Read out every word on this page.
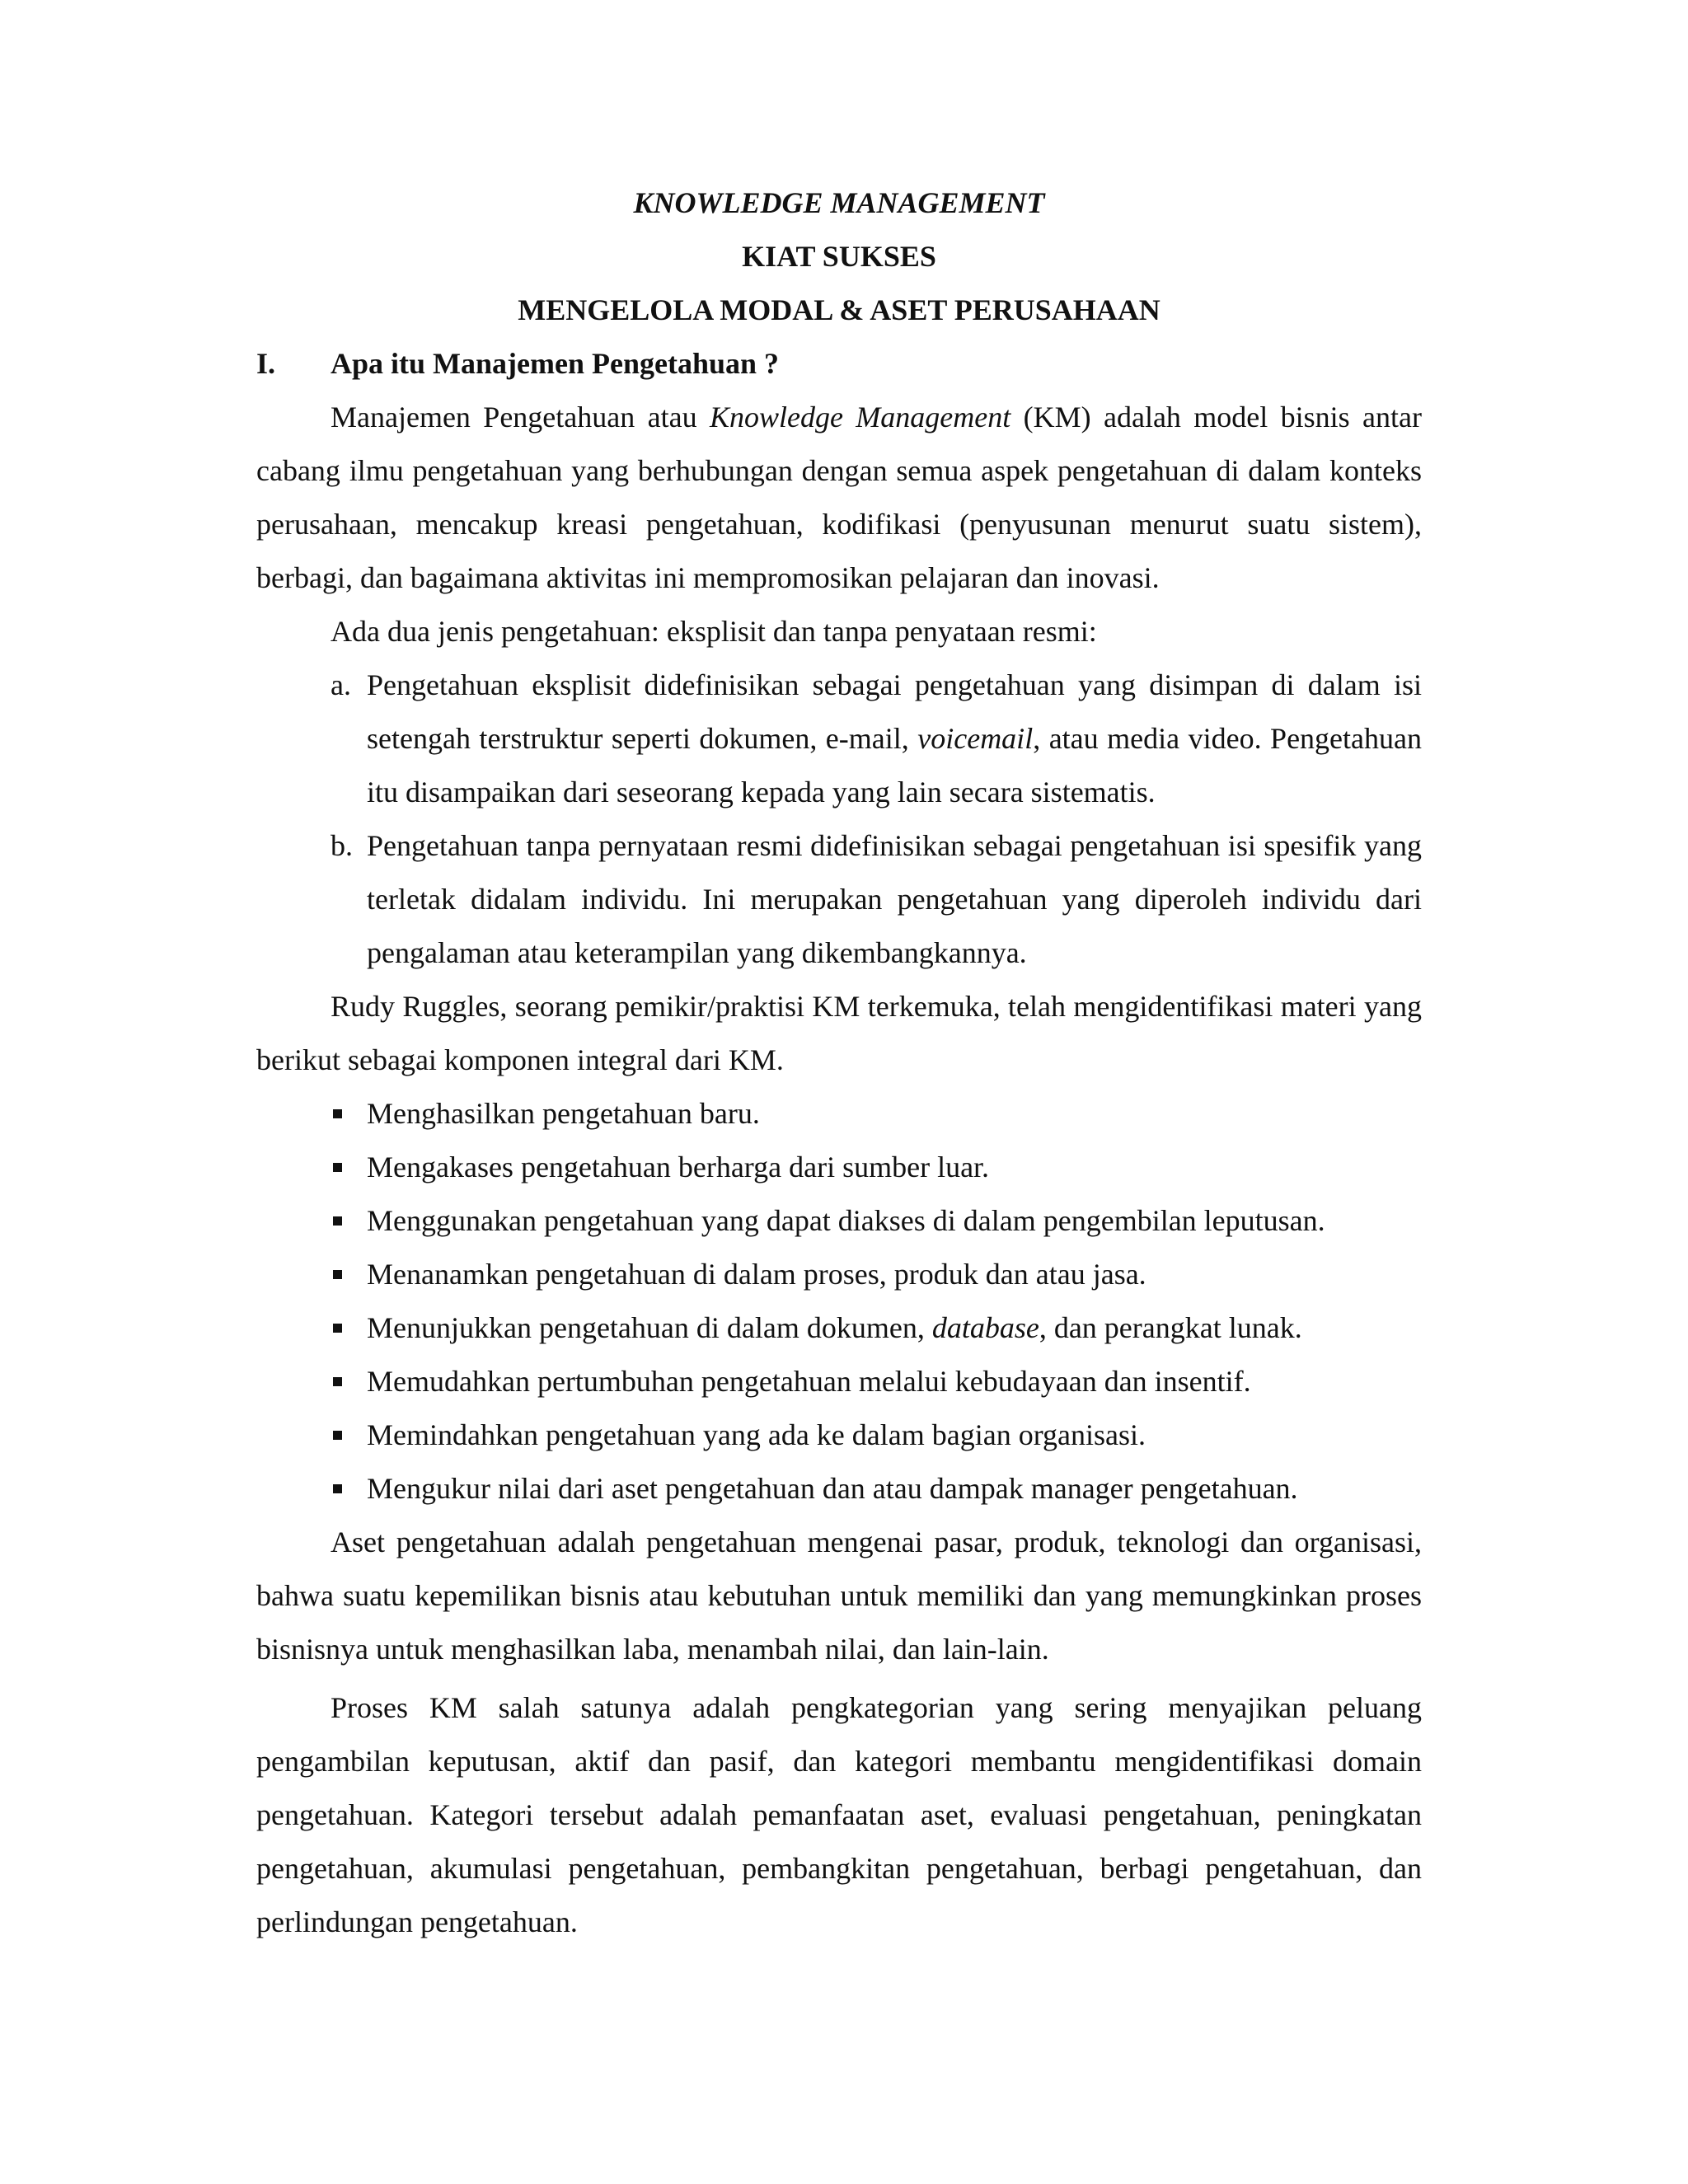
KNOWLEDGE MANAGEMENT

KIAT SUKSES

MENGELOLA MODAL & ASET PERUSAHAAN

I.	Apa itu Manajemen Pengetahuan ?

Manajemen Pengetahuan atau Knowledge Management (KM) adalah model bisnis antar cabang ilmu pengetahuan yang berhubungan dengan semua aspek pengetahuan di dalam konteks perusahaan, mencakup kreasi pengetahuan, kodifikasi (penyusunan menurut suatu sistem), berbagi, dan bagaimana aktivitas ini mempromosikan pelajaran dan inovasi.

Ada dua jenis pengetahuan: eksplisit dan tanpa penyataan resmi:

a. Pengetahuan eksplisit didefinisikan sebagai pengetahuan yang disimpan di dalam isi setengah terstruktur seperti dokumen, e-mail, voicemail, atau media video. Pengetahuan itu disampaikan dari seseorang kepada yang lain secara sistematis.
b. Pengetahuan tanpa pernyataan resmi didefinisikan sebagai pengetahuan isi spesifik yang terletak didalam individu. Ini merupakan pengetahuan yang diperoleh individu dari pengalaman atau keterampilan yang dikembangkannya.

Rudy Ruggles, seorang pemikir/praktisi KM terkemuka, telah mengidentifikasi materi yang berikut sebagai komponen integral dari KM.

Menghasilkan pengetahuan baru.
Mengakases pengetahuan berharga dari sumber luar.
Menggunakan pengetahuan yang dapat diakses di dalam pengembilan leputusan.
Menanamkan pengetahuan di dalam proses, produk dan atau jasa.
Menunjukkan pengetahuan di dalam dokumen, database, dan perangkat lunak.
Memudahkan pertumbuhan pengetahuan melalui kebudayaan dan insentif.
Memindahkan pengetahuan yang ada ke dalam bagian organisasi.
Mengukur nilai dari aset pengetahuan dan atau dampak manager pengetahuan.

Aset pengetahuan adalah pengetahuan mengenai pasar, produk, teknologi dan organisasi, bahwa suatu kepemilikan bisnis atau kebutuhan untuk memiliki dan yang memungkinkan proses bisnisnya untuk menghasilkan laba, menambah nilai, dan lain-lain.

Proses KM salah satunya adalah pengkategorian yang sering menyajikan peluang pengambilan keputusan, aktif dan pasif, dan kategori membantu mengidentifikasi domain pengetahuan. Kategori tersebut adalah pemanfaatan aset, evaluasi pengetahuan, peningkatan pengetahuan, akumulasi pengetahuan, pembangkitan pengetahuan, berbagi pengetahuan, dan perlindungan pengetahuan.
